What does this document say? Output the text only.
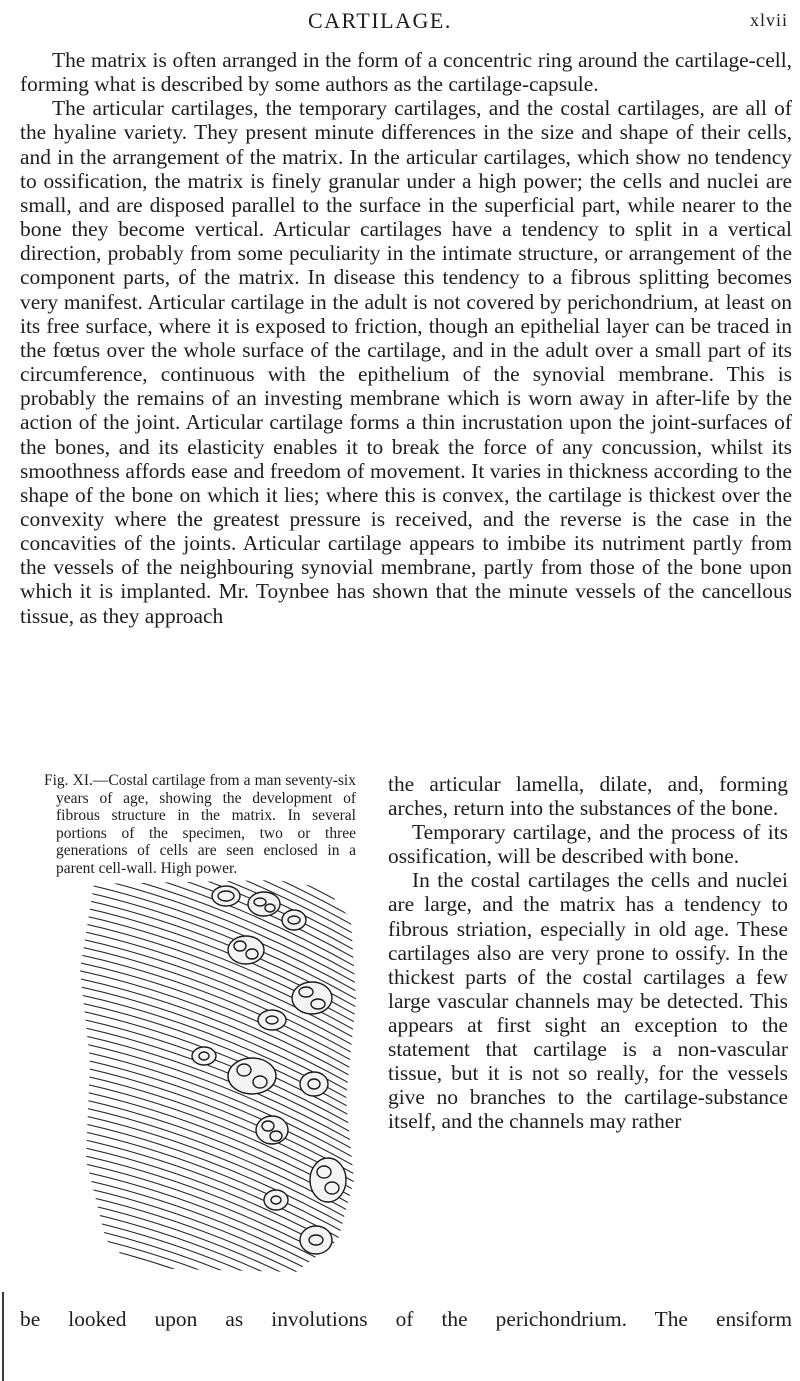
CARTILAGE.	xlvii

The matrix is often arranged in the form of a concentric ring around the cartilage-cell, forming what is described by some authors as the cartilage-capsule.

The articular cartilages, the temporary cartilages, and the costal cartilages, are all of the hyaline variety. They present minute differences in the size and shape of their cells, and in the arrangement of the matrix. In the articular cartilages, which show no tendency to ossification, the matrix is finely granular under a high power; the cells and nuclei are small, and are disposed parallel to the surface in the superficial part, while nearer to the bone they become vertical. Articular cartilages have a tendency to split in a vertical direction, probably from some peculiarity in the intimate structure, or arrangement of the component parts, of the matrix. In disease this tendency to a fibrous splitting becomes very manifest. Articular cartilage in the adult is not covered by perichondrium, at least on its free surface, where it is exposed to friction, though an epithelial layer can be traced in the fœtus over the whole surface of the cartilage, and in the adult over a small part of its circumference, continuous with the epithelium of the synovial membrane. This is probably the remains of an investing membrane which is worn away in after-life by the action of the joint. Articular cartilage forms a thin incrustation upon the joint-surfaces of the bones, and its elasticity enables it to break the force of any concussion, whilst its smoothness affords ease and freedom of movement. It varies in thickness according to the shape of the bone on which it lies; where this is convex, the cartilage is thickest over the convexity where the greatest pressure is received, and the reverse is the case in the concavities of the joints. Articular cartilage appears to imbibe its nutriment partly from the vessels of the neighbouring synovial membrane, partly from those of the bone upon which it is implanted. Mr. Toynbee has shown that the minute vessels of the cancellous tissue, as they approach

Fig. XI.—Costal cartilage from a man seventy-six years of age, showing the development of fibrous structure in the matrix. In several portions of the specimen, two or three generations of cells are seen enclosed in a parent cell-wall. High power.

the articular lamella, dilate, and, forming arches, return into the substances of the bone.

Temporary cartilage, and the process of its ossification, will be described with bone.

In the costal cartilages the cells and nuclei are large, and the matrix has a tendency to fibrous striation, especially in old age. These cartilages also are very prone to ossify. In the thickest parts of the costal cartilages a few large vascular channels may be detected. This appears at first sight an exception to the statement that cartilage is a non-vascular tissue, but it is not so really, for the vessels give no branches to the cartilage-substance itself, and the channels may rather

be looked upon as involutions of the perichondrium. The ensiform
